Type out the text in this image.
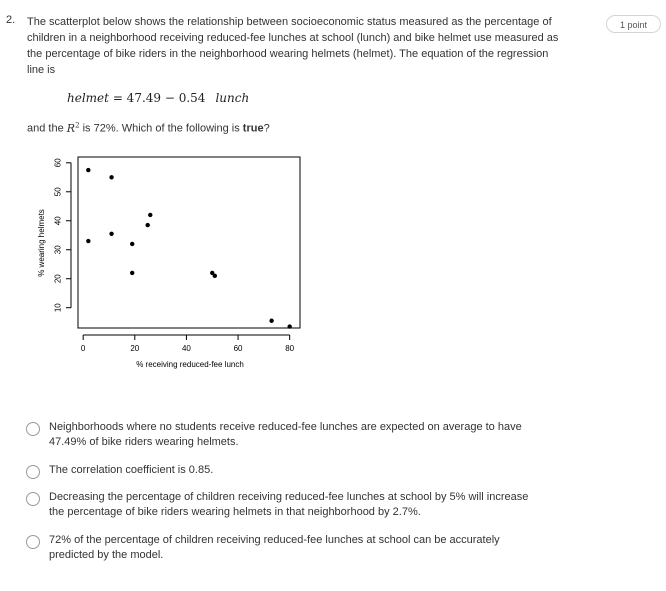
2. The scatterplot below shows the relationship between socioeconomic status measured as the percentage of children in a neighborhood receiving reduced-fee lunches at school (lunch) and bike helmet use measured as the percentage of bike riders in the neighborhood wearing helmets (helmet). The equation of the regression line is
1 point
helmet = 47.49 − 0.54 lunch
and the $R^2$ is 72%. Which of the following is true?
0	20	40	60	80
10
20
30
40
50
60
% receiving reduced-fee lunch
% wearing helmets
Neighborhoods where no students receive reduced-fee lunches are expected on average to have 47.49% of bike riders wearing helmets.
The correlation coefficient is 0.85.
Decreasing the percentage of children receiving reduced-fee lunches at school by 5% will increase the percentage of bike riders wearing helmets in that neighborhood by 2.7%.
72% of the percentage of children receiving reduced-fee lunches at school can be accurately predicted by the model.
